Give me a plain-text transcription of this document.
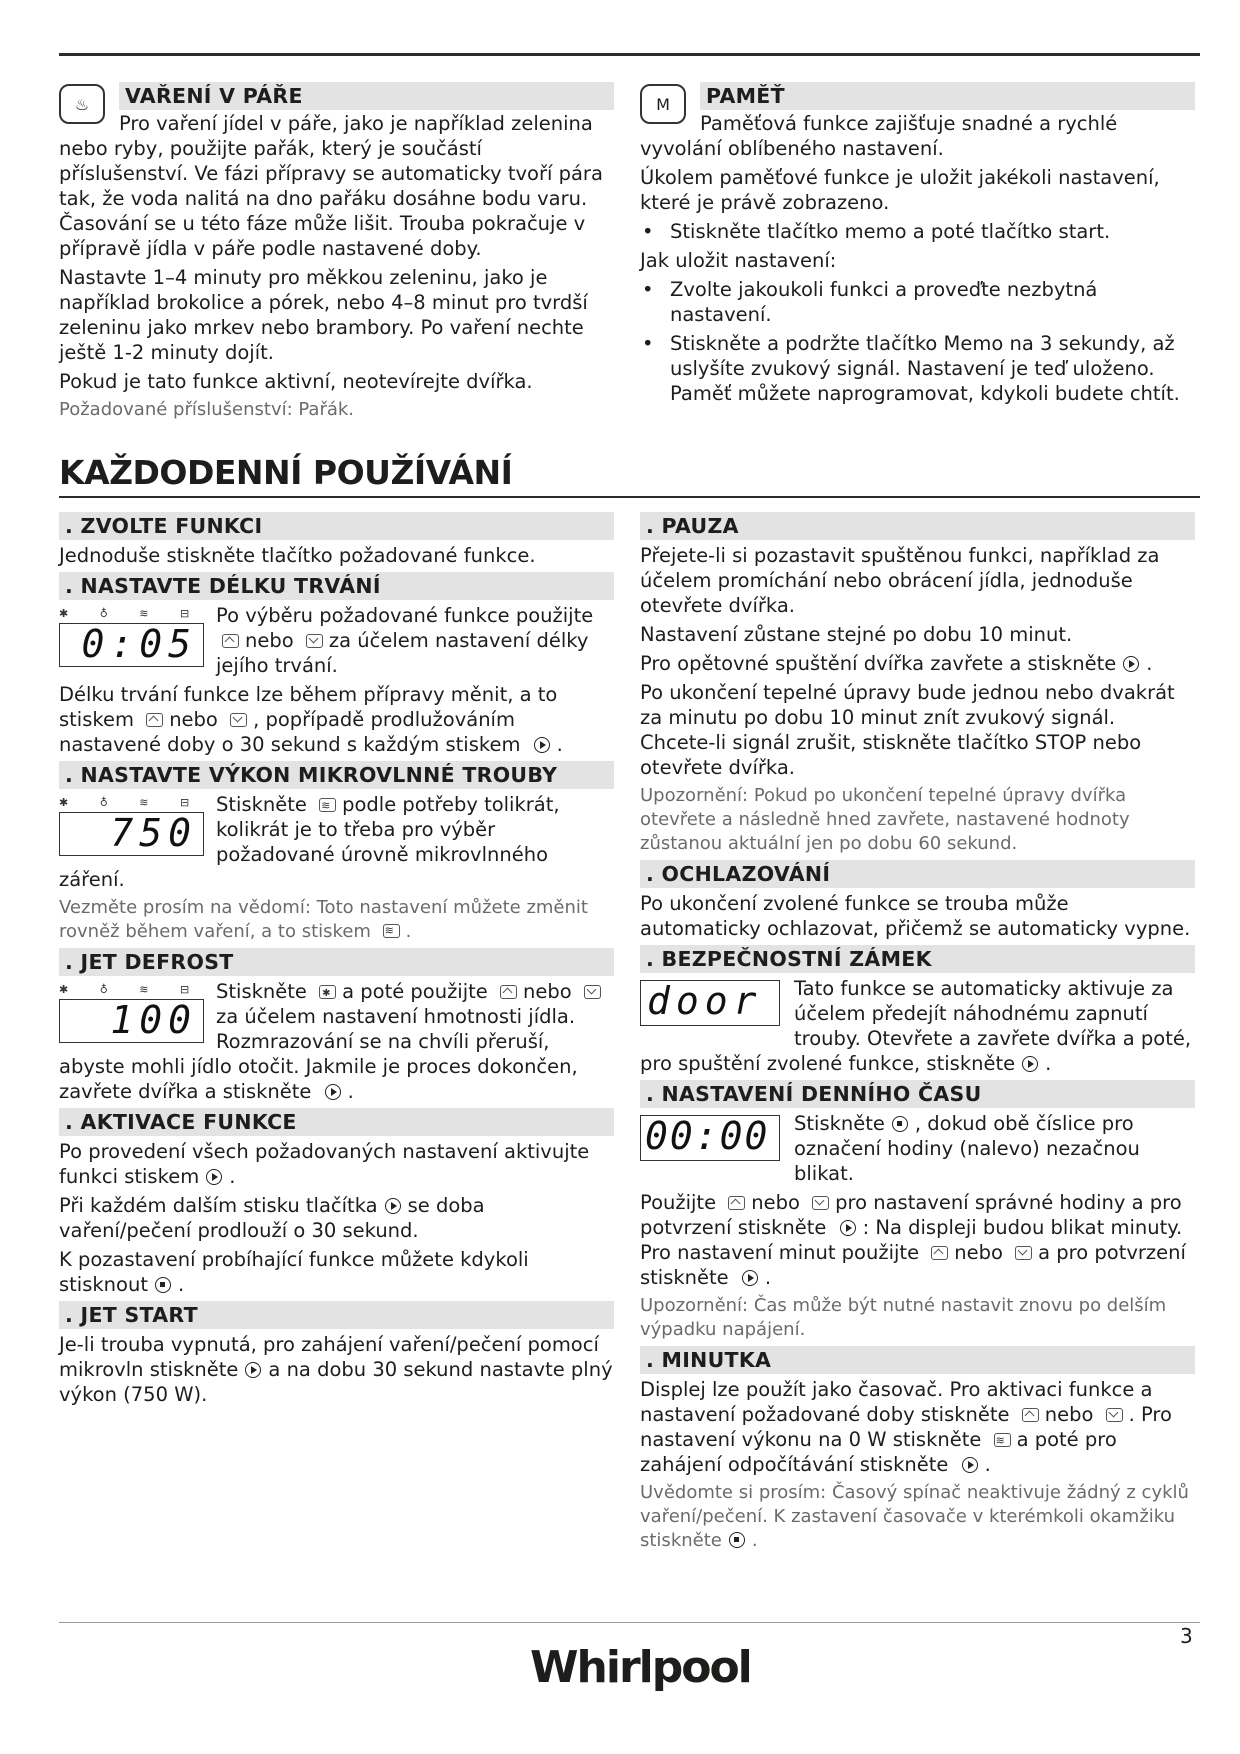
♨	VAŘENÍ V PÁŘE

Pro vaření jídel v páře, jako je například zelenina nebo ryby, použijte pařák, který je součástí příslušenství. Ve fázi přípravy se automaticky tvoří pára tak, že voda nalitá na dno pařáku dosáhne bodu varu. Časování se u této fáze může lišit. Trouba pokračuje v přípravě jídla v páře podle nastavené doby.

Nastavte 1–4 minuty pro měkkou zeleninu, jako je například brokolice a pórek, nebo 4–8 minut pro tvrdší zeleninu jako mrkev nebo brambory. Po vaření nechte ještě 1-2 minuty dojít.

Pokud je tato funkce aktivní, neotevírejte dvířka.

Požadované příslušenství: Pařák.

M	PAMĚŤ

Paměťová funkce zajišťuje snadné a rychlé vyvolání oblíbeného nastavení.

Úkolem paměťové funkce je uložit jakékoli nastavení, které je právě zobrazeno.

• Stiskněte tlačítko memo a poté tlačítko start.

Jak uložit nastavení:

• Zvolte jakoukoli funkci a proveďte nezbytná nastavení.
• Stiskněte a podržte tlačítko Memo na 3 sekundy, až uslyšíte zvukový signál. Nastavení je teď uloženo. Paměť můžete naprogramovat, kdykoli budete chtít.
KAŽDODENNÍ POUŽÍVÁNÍ
. ZVOLTE FUNKCI

Jednoduše stiskněte tlačítko požadované funkce.

. NASTAVTE DÉLKU TRVÁNÍ
✱ ♁ ≋ ⊟
0:05

Po výběru požadované funkce použijte
nebo za účelem nastavení délky jejího trvání.

Délku trvání funkce lze během přípravy měnit, a to stiskem nebo , popřípadě prodlužováním nastavené doby o 30 sekund s každým stiskem .

. NASTAVTE VÝKON MIKROVLNNÉ TROUBY
✱ ♁ ≋ ⊟
750

Stiskněte ≋ podle potřeby tolikrát, kolikrát je to třeba pro výběr požadované úrovně mikrovlnného záření.

Vezměte prosím na vědomí: Toto nastavení můžete změnit rovněž během vaření, a to stiskem ≋ .

. JET DEFROST
✱ ♁ ≋ ⊟
100

Stiskněte ✱ a poté použijte nebo za účelem nastavení hmotnosti jídla. Rozmrazování se na chvíli přeruší, abyste mohli jídlo otočit. Jakmile je proces dokončen, zavřete dvířka a stiskněte .

. AKTIVACE FUNKCE

Po provedení všech požadovaných nastavení aktivujte funkci stiskem .

Při každém dalším stisku tlačítka se doba vaření/pečení prodlouží o 30 sekund.

K pozastavení probíhající funkce můžete kdykoli stisknout .

. JET START

Je-li trouba vypnutá, pro zahájení vaření/pečení pomocí mikrovln stiskněte a na dobu 30 sekund nastavte plný výkon (750 W).

. PAUZA

Přejete-li si pozastavit spuštěnou funkci, například za účelem promíchání nebo obrácení jídla, jednoduše otevřete dvířka.

Nastavení zůstane stejné po dobu 10 minut.

Pro opětovné spuštění dvířka zavřete a stiskněte .

Po ukončení tepelné úpravy bude jednou nebo dvakrát za minutu po dobu 10 minut znít zvukový signál. Chcete-li signál zrušit, stiskněte tlačítko STOP nebo otevřete dvířka.

Upozornění: Pokud po ukončení tepelné úpravy dvířka otevřete a následně hned zavřete, nastavené hodnoty zůstanou aktuální jen po dobu 60 sekund.

. OCHLAZOVÁNÍ

Po ukončení zvolené funkce se trouba může automaticky ochlazovat, přičemž se automaticky vypne.

. BEZPEČNOSTNÍ ZÁMEK
door	Tato funkce se automaticky aktivuje za účelem předejít náhodnému zapnutí trouby. Otevřete a zavřete dvířka a poté, pro spuštění zvolené funkce, stiskněte .

. NASTAVENÍ DENNÍHO ČASU
00:00	Stiskněte , dokud obě číslice pro označení hodiny (nalevo) nezačnou blikat.

Použijte nebo pro nastavení správné hodiny a pro potvrzení stiskněte : Na displeji budou blikat minuty. Pro nastavení minut použijte nebo a pro potvrzení stiskněte .

Upozornění: Čas může být nutné nastavit znovu po delším výpadku napájení.

. MINUTKA

Displej lze použít jako časovač. Pro aktivaci funkce a nastavení požadované doby stiskněte nebo . Pro nastavení výkonu na 0 W stiskněte ≋ a poté pro zahájení odpočítávání stiskněte .

Uvědomte si prosím: Časový spínač neaktivuje žádný z cyklů vaření/pečení. K zastavení časovače v kterémkoli okamžiku stiskněte .

3
Whirlpool
